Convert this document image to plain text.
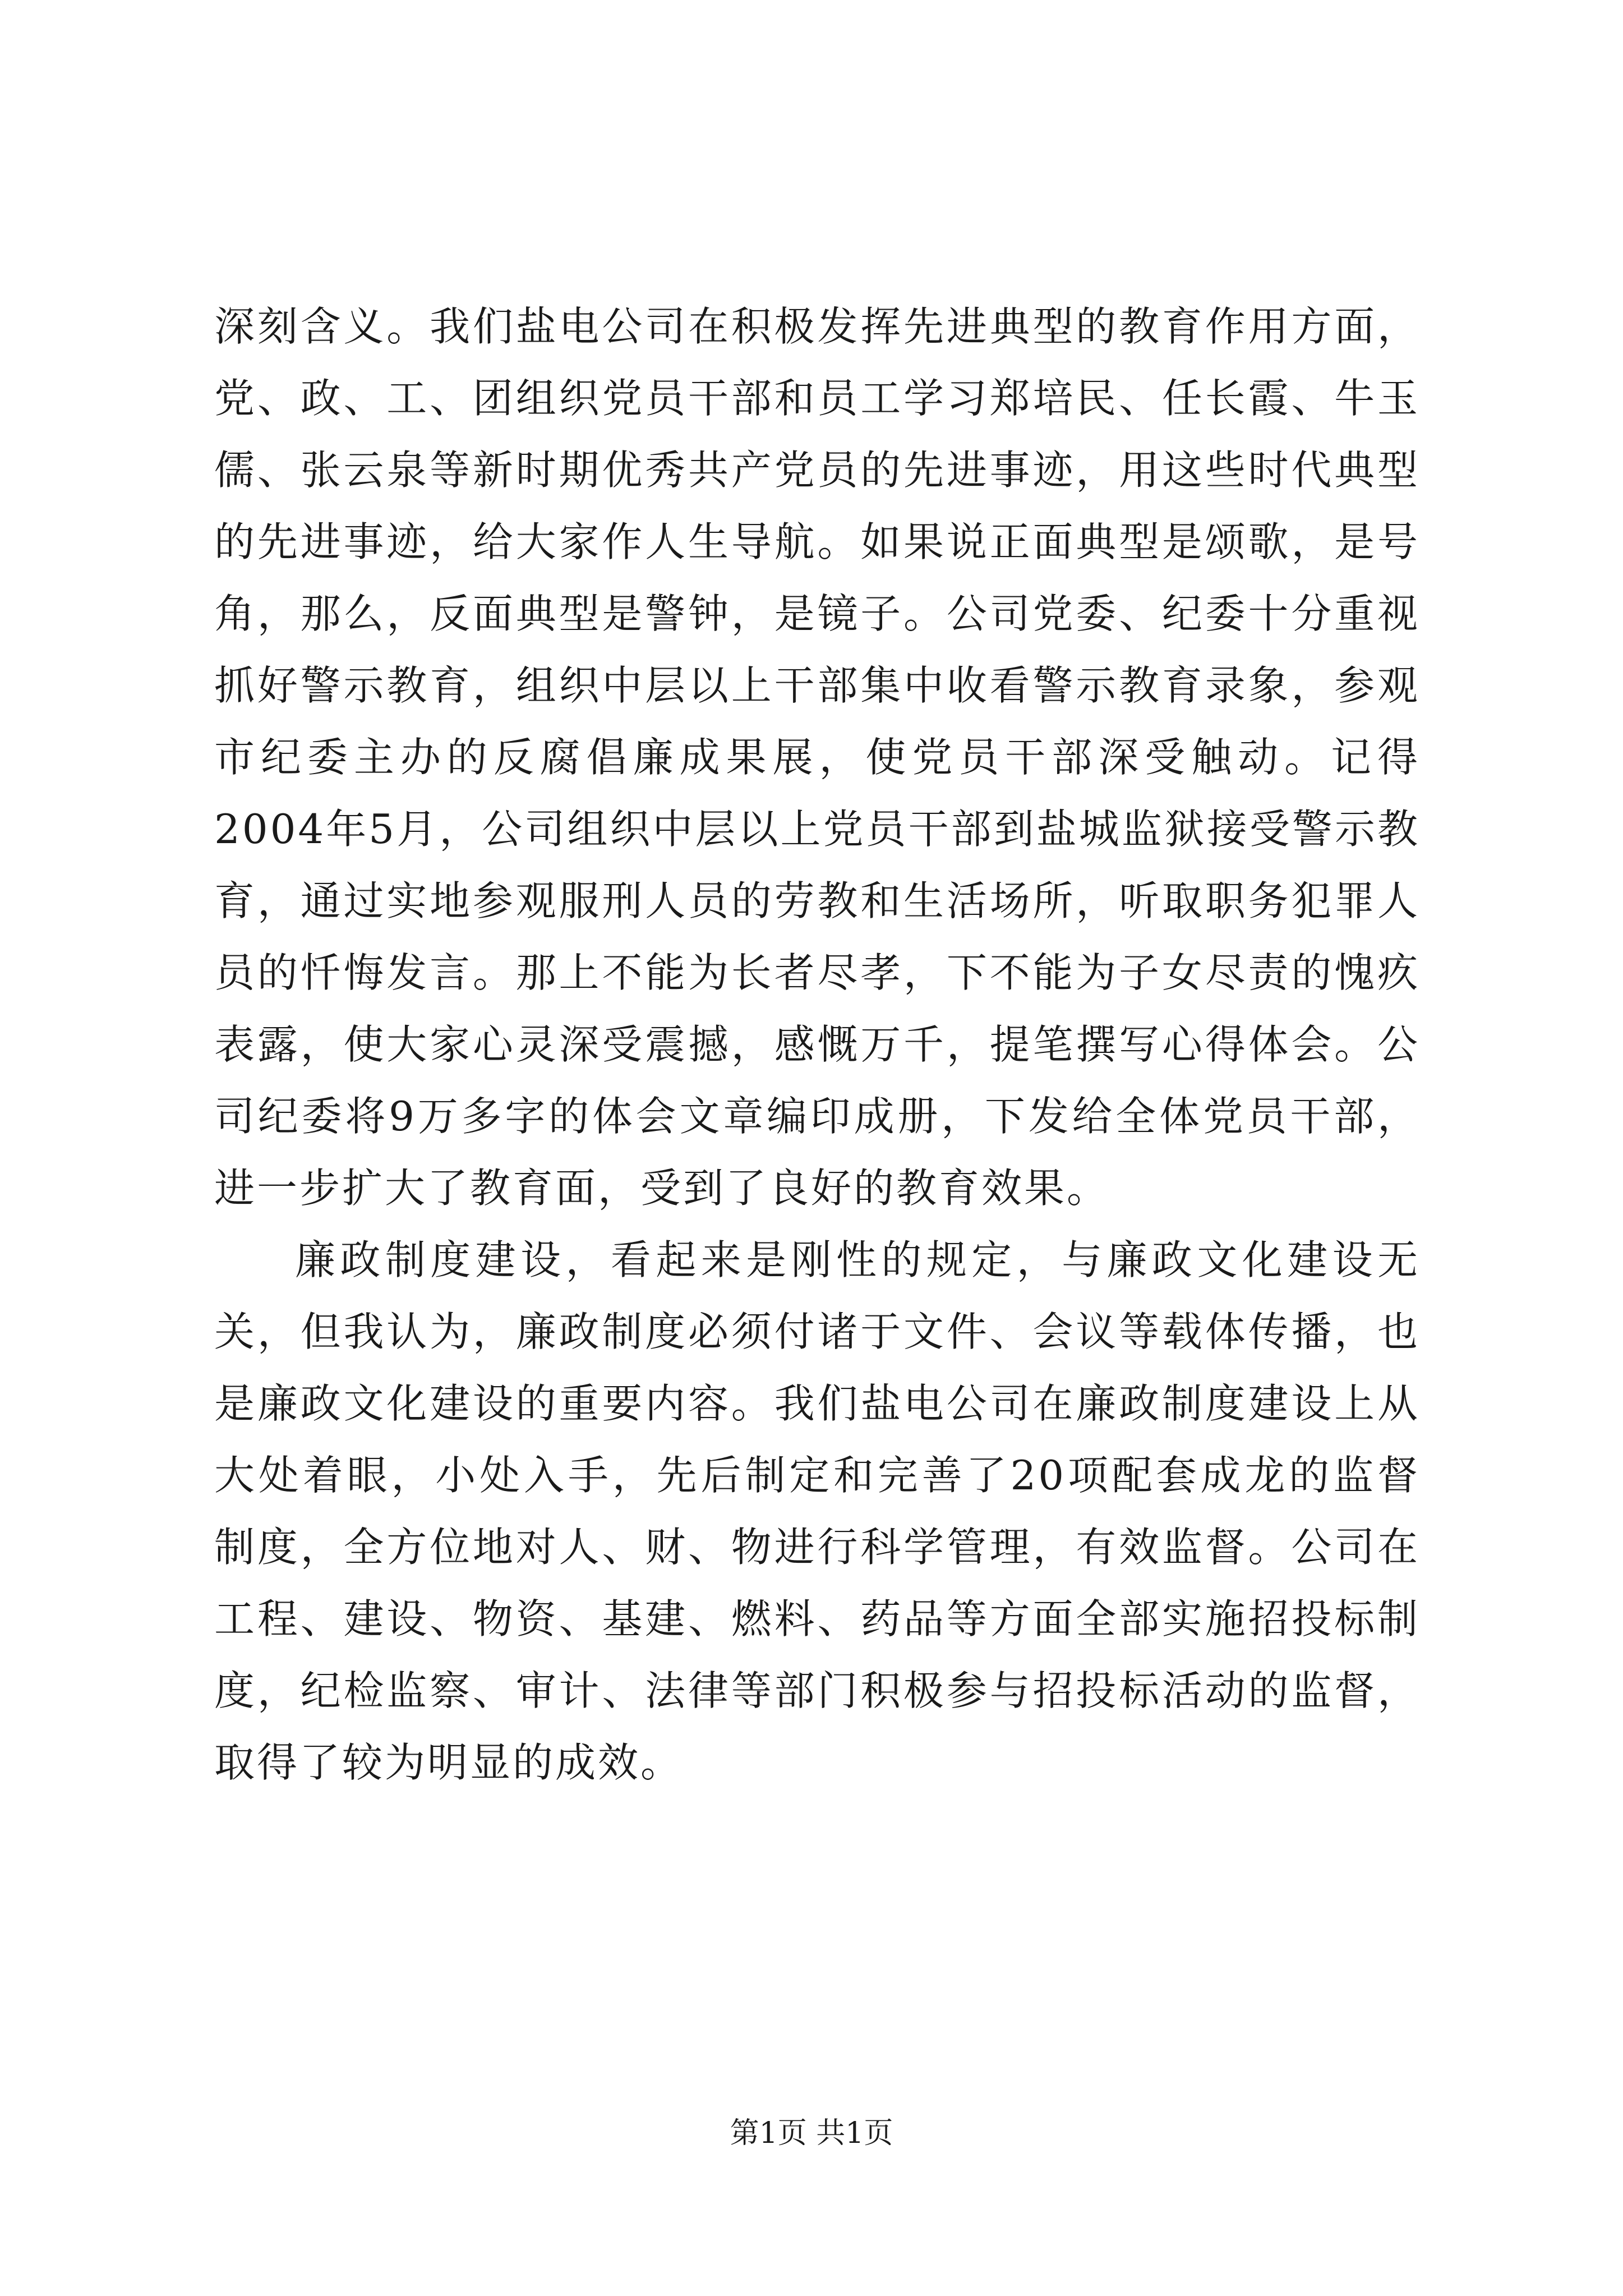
深刻含义。我们盐电公司在积极发挥先进典型的教育作用方面，党、政、工、团组织党员干部和员工学习郑培民、任长霞、牛玉儒、张云泉等新时期优秀共产党员的先进事迹，用这些时代典型的先进事迹，给大家作人生导航。如果说正面典型是颂歌，是号角，那么，反面典型是警钟，是镜子。公司党委、纪委十分重视抓好警示教育，组织中层以上干部集中收看警示教育录象，参观市纪委主办的反腐倡廉成果展，使党员干部深受触动。记得2004年5月，公司组织中层以上党员干部到盐城监狱接受警示教育，通过实地参观服刑人员的劳教和生活场所，听取职务犯罪人员的忏悔发言。那上不能为长者尽孝，下不能为子女尽责的愧疚表露，使大家心灵深受震撼，感慨万千，提笔撰写心得体会。公司纪委将9万多字的体会文章编印成册，下发给全体党员干部，进一步扩大了教育面，受到了良好的教育效果。

廉政制度建设，看起来是刚性的规定，与廉政文化建设无关，但我认为，廉政制度必须付诸于文件、会议等载体传播，也是廉政文化建设的重要内容。我们盐电公司在廉政制度建设上从大处着眼，小处入手，先后制定和完善了20项配套成龙的监督制度，全方位地对人、财、物进行科学管理，有效监督。公司在工程、建设、物资、基建、燃料、药品等方面全部实施招投标制度，纪检监察、审计、法律等部门积极参与招投标活动的监督，取得了较为明显的成效。

第1页 共1页
